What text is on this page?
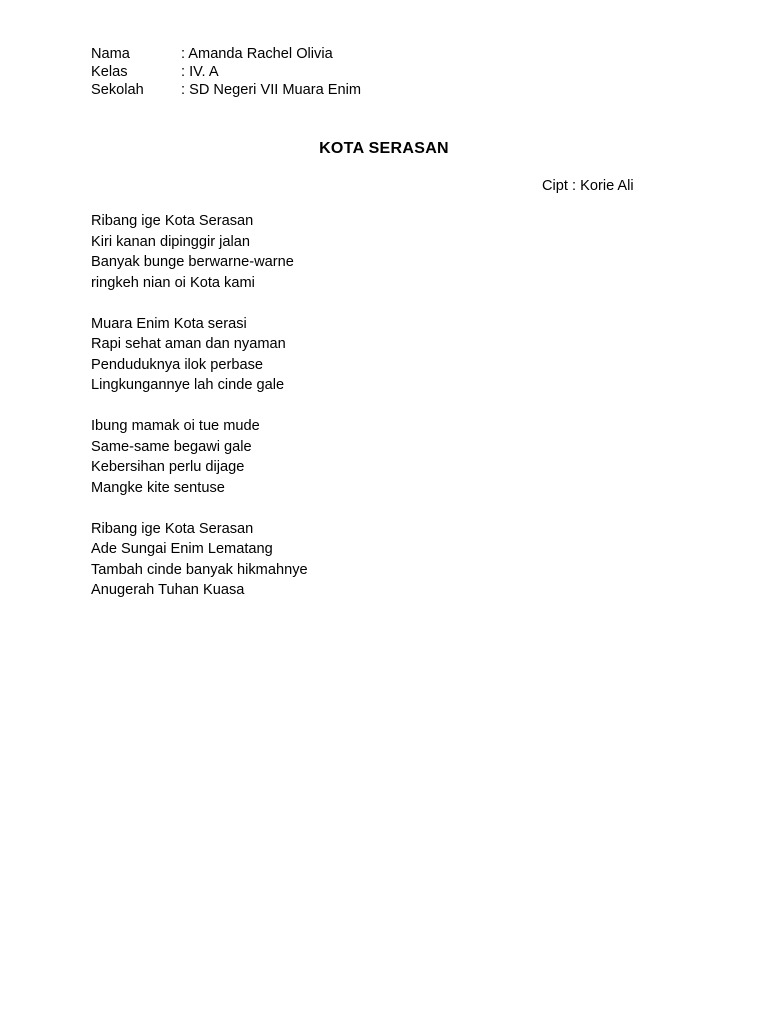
Nama	: Amanda Rachel Olivia
Kelas	: IV. A
Sekolah	: SD Negeri VII Muara Enim
KOTA SERASAN
Cipt : Korie Ali
Ribang ige Kota Serasan
Kiri kanan dipinggir jalan
Banyak bunge berwarne-warne
ringkeh nian oi Kota kami
Muara Enim Kota serasi
Rapi sehat aman dan nyaman
Penduduknya ilok perbase
Lingkungannye lah cinde gale
Ibung mamak oi tue mude
Same-same begawi gale
Kebersihan perlu dijage
Mangke kite sentuse
Ribang ige Kota Serasan
Ade Sungai Enim Lematang
Tambah cinde banyak hikmahnye
Anugerah Tuhan Kuasa
